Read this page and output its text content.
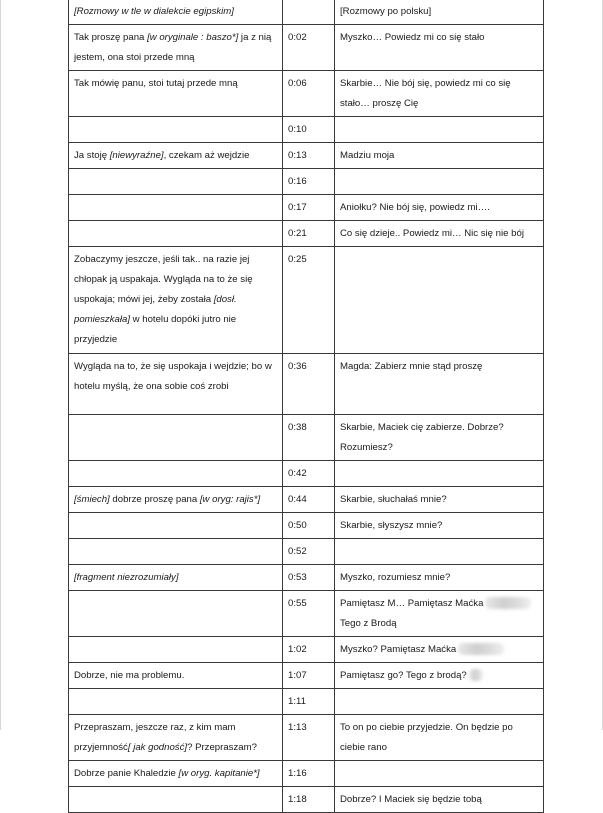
[Rozmowy w tle w dialekcie egipskim]		[Rozmowy po polsku]
Tak proszę pana [w oryginale : baszo*] ja z nią jestem, ona stoi przede mną	0:02	Myszko… Powiedz mi co się stało
Tak mówię panu, stoi tutaj przede mną	0:06	Skarbie… Nie bój się, powiedz mi co się stało… proszę Cię
	0:10	
Ja stoję [niewyraźne], czekam aż wejdzie	0:13	Madziu moja
	0:16	
	0:17	Aniołku? Nie bój się, powiedz mi….
	0:21	Co się dzieje.. Powiedz mi… Nic się nie bój
Zobaczymy jeszcze, jeśli tak.. na razie jej chłopak ją uspakaja. Wygląda na to że się uspokaja; mówi jej, żeby została [dosł. pomieszkała] w hotelu dopóki jutro nie przyjedzie	0:25	
Wygląda na to, że się uspokaja i wejdzie; bo w hotelu myślą, że ona sobie coś zrobi	0:36	Magda: Zabierz mnie stąd proszę
	0:38	Skarbie, Maciek cię zabierze. Dobrze? Rozumiesz?
	0:42	
[śmiech] dobrze proszę pana [w oryg: rajis*]	0:44	Skarbie, słuchałaś mnie?
	0:50	Skarbie, słyszysz mnie?
	0:52	
[fragment niezrozumiały]	0:53	Myszko, rozumiesz mnie?
	0:55	Pamiętasz M… Pamiętasz Maćka
Tego z Brodą
	1:02	Myszko? Pamiętasz Maćka
Dobrze, nie ma problemu.	1:07	Pamiętasz go? Tego z brodą?
	1:11	
Przepraszam, jeszcze raz, z kim mam przyjemność[ jak godność]? Przepraszam?	1:13	To on po ciebie przyjedzie. On będzie po ciebie rano
Dobrze panie Khaledzie [w oryg. kapitanie*]	1:16	
	1:18	Dobrze? I Maciek się będzie tobą
